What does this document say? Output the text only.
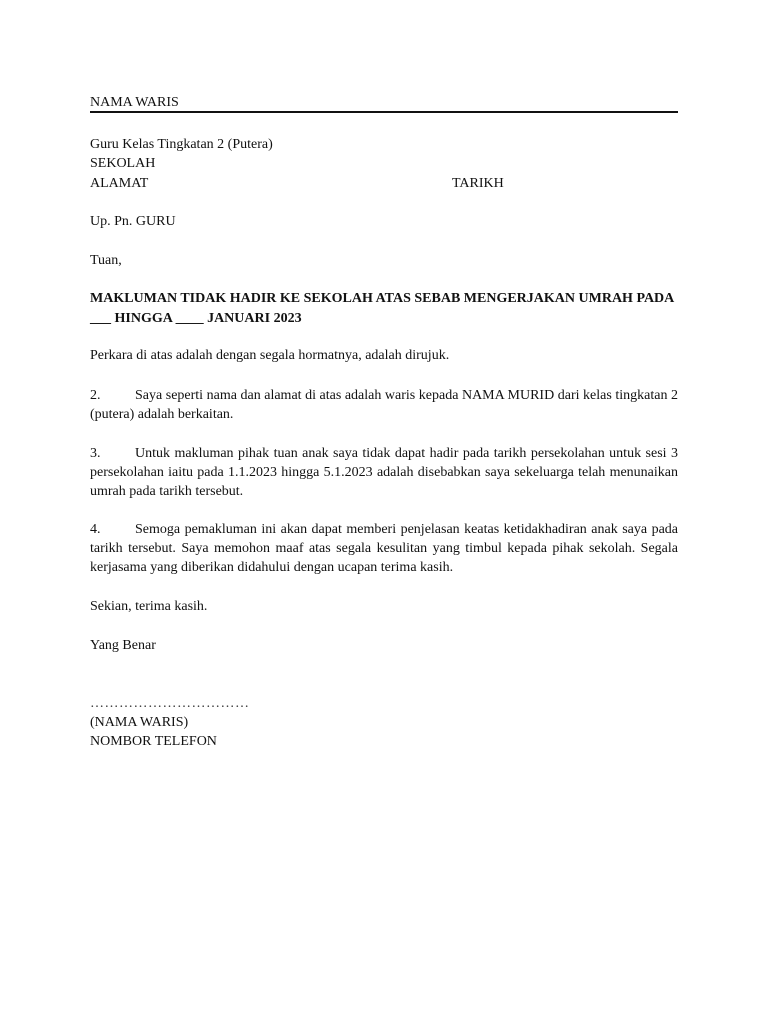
NAMA WARIS
Guru Kelas Tingkatan 2 (Putera)
SEKOLAH
ALAMAT	TARIKH
Up. Pn. GURU
Tuan,
MAKLUMAN TIDAK HADIR KE SEKOLAH ATAS SEBAB MENGERJAKAN UMRAH PADA ___ HINGGA ____ JANUARI 2023
Perkara di atas adalah dengan segala hormatnya, adalah dirujuk.
2. Saya seperti nama dan alamat di atas adalah waris kepada NAMA MURID dari kelas tingkatan 2 (putera) adalah berkaitan.
3. Untuk makluman pihak tuan anak saya tidak dapat hadir pada tarikh persekolahan untuk sesi 3 persekolahan iaitu pada 1.1.2023 hingga 5.1.2023 adalah disebabkan saya sekeluarga telah menunaikan umrah pada tarikh tersebut.
4. Semoga pemakluman ini akan dapat memberi penjelasan keatas ketidakhadiran anak saya pada tarikh tersebut. Saya memohon maaf atas segala kesulitan yang timbul kepada pihak sekolah. Segala kerjasama yang diberikan didahului dengan ucapan terima kasih.
Sekian, terima kasih.
Yang Benar
……………………………
(NAMA WARIS)
NOMBOR TELEFON
